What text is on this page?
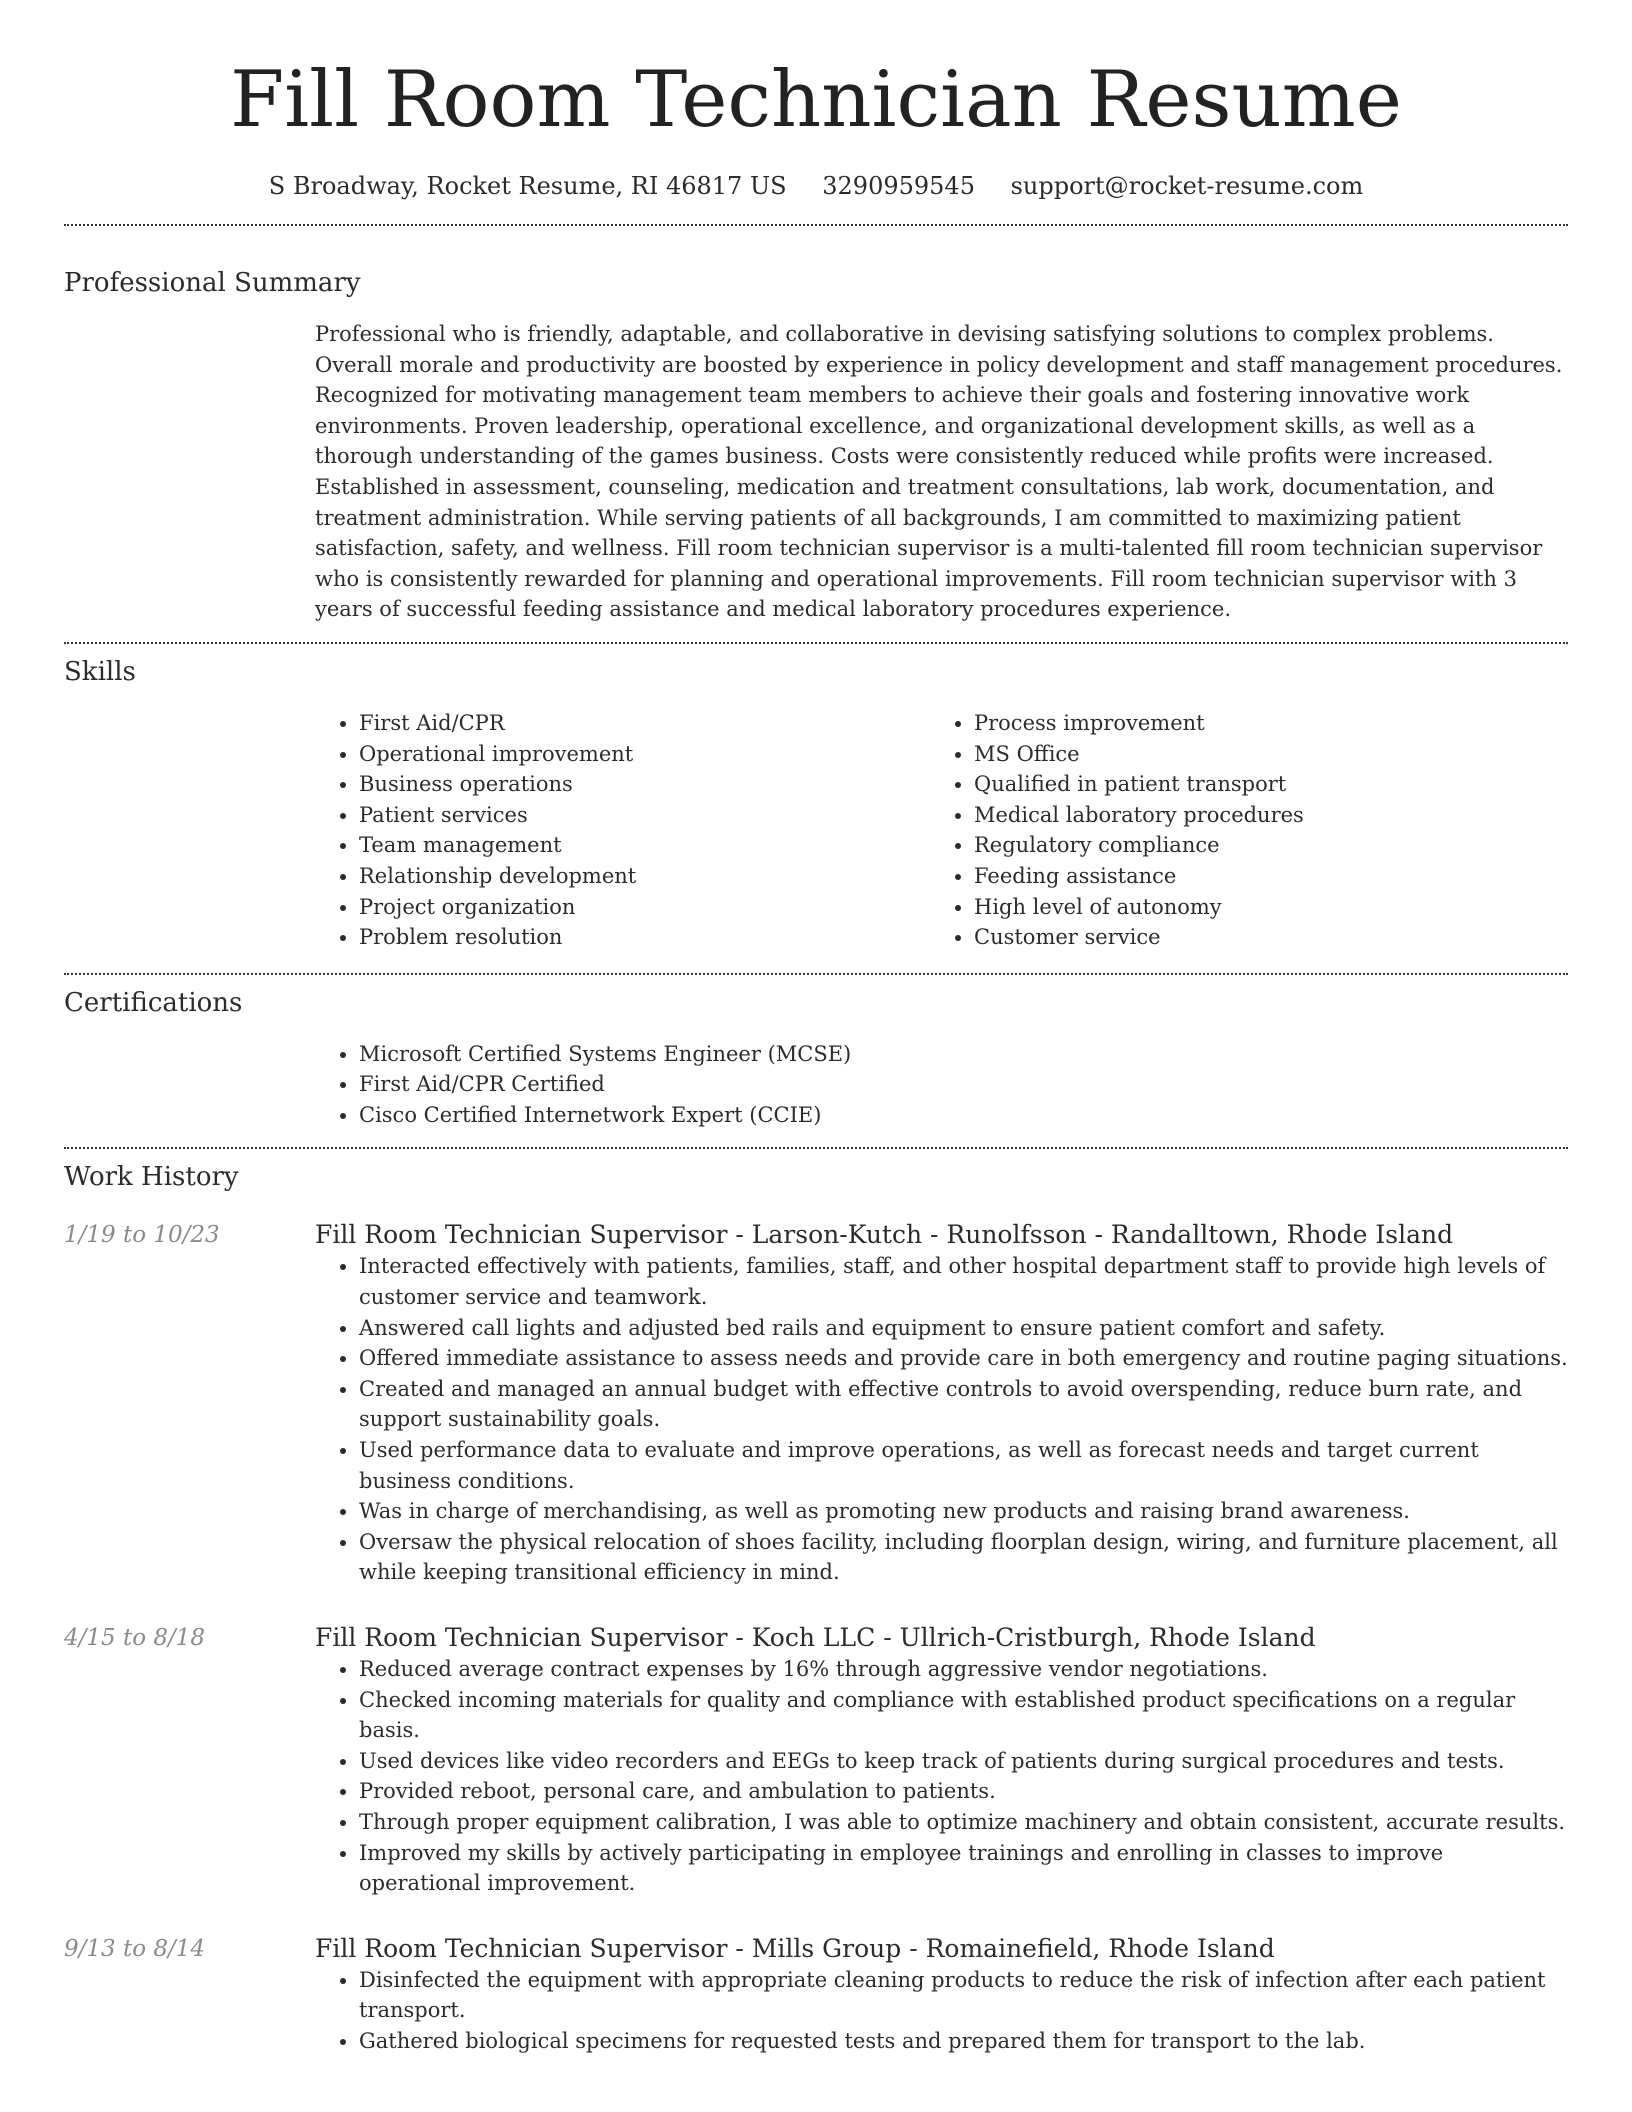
Fill Room Technician Resume
S Broadway, Rocket Resume, RI 46817 US 3290959545 support@rocket-resume.com
Professional Summary

Professional who is friendly, adaptable, and collaborative in devising satisfying solutions to complex problems. Overall morale and productivity are boosted by experience in policy development and staff management procedures. Recognized for motivating management team members to achieve their goals and fostering innovative work environments. Proven leadership, operational excellence, and organizational development skills, as well as a thorough understanding of the games business. Costs were consistently reduced while profits were increased. Established in assessment, counseling, medication and treatment consultations, lab work, documentation, and treatment administration. While serving patients of all backgrounds, I am committed to maximizing patient satisfaction, safety, and wellness. Fill room technician supervisor is a multi-talented fill room technician supervisor who is consistently rewarded for planning and operational improvements. Fill room technician supervisor with 3 years of successful feeding assistance and medical laboratory procedures experience.

Skills
• First Aid/CPR
• Operational improvement
• Business operations
• Patient services
• Team management
• Relationship development
• Project organization
• Problem resolution
• Process improvement
• MS Office
• Qualified in patient transport
• Medical laboratory procedures
• Regulatory compliance
• Feeding assistance
• High level of autonomy
• Customer service
Certifications
• Microsoft Certified Systems Engineer (MCSE)
• First Aid/CPR Certified
• Cisco Certified Internetwork Expert (CCIE)
Work History
1/19 to 10/23	Fill Room Technician Supervisor - Larson-Kutch - Runolfsson - Randalltown, Rhode Island
• Interacted effectively with patients, families, staff, and other hospital department staff to provide high levels of customer service and teamwork.
• Answered call lights and adjusted bed rails and equipment to ensure patient comfort and safety.
• Offered immediate assistance to assess needs and provide care in both emergency and routine paging situations.
• Created and managed an annual budget with effective controls to avoid overspending, reduce burn rate, and support sustainability goals.
• Used performance data to evaluate and improve operations, as well as forecast needs and target current business conditions.
• Was in charge of merchandising, as well as promoting new products and raising brand awareness.
• Oversaw the physical relocation of shoes facility, including floorplan design, wiring, and furniture placement, all while keeping transitional efficiency in mind.
4/15 to 8/18	Fill Room Technician Supervisor - Koch LLC - Ullrich-Cristburgh, Rhode Island
• Reduced average contract expenses by 16% through aggressive vendor negotiations.
• Checked incoming materials for quality and compliance with established product specifications on a regular basis.
• Used devices like video recorders and EEGs to keep track of patients during surgical procedures and tests.
• Provided reboot, personal care, and ambulation to patients.
• Through proper equipment calibration, I was able to optimize machinery and obtain consistent, accurate results.
• Improved my skills by actively participating in employee trainings and enrolling in classes to improve operational improvement.
9/13 to 8/14	Fill Room Technician Supervisor - Mills Group - Romainefield, Rhode Island
• Disinfected the equipment with appropriate cleaning products to reduce the risk of infection after each patient transport.
• Gathered biological specimens for requested tests and prepared them for transport to the lab.
